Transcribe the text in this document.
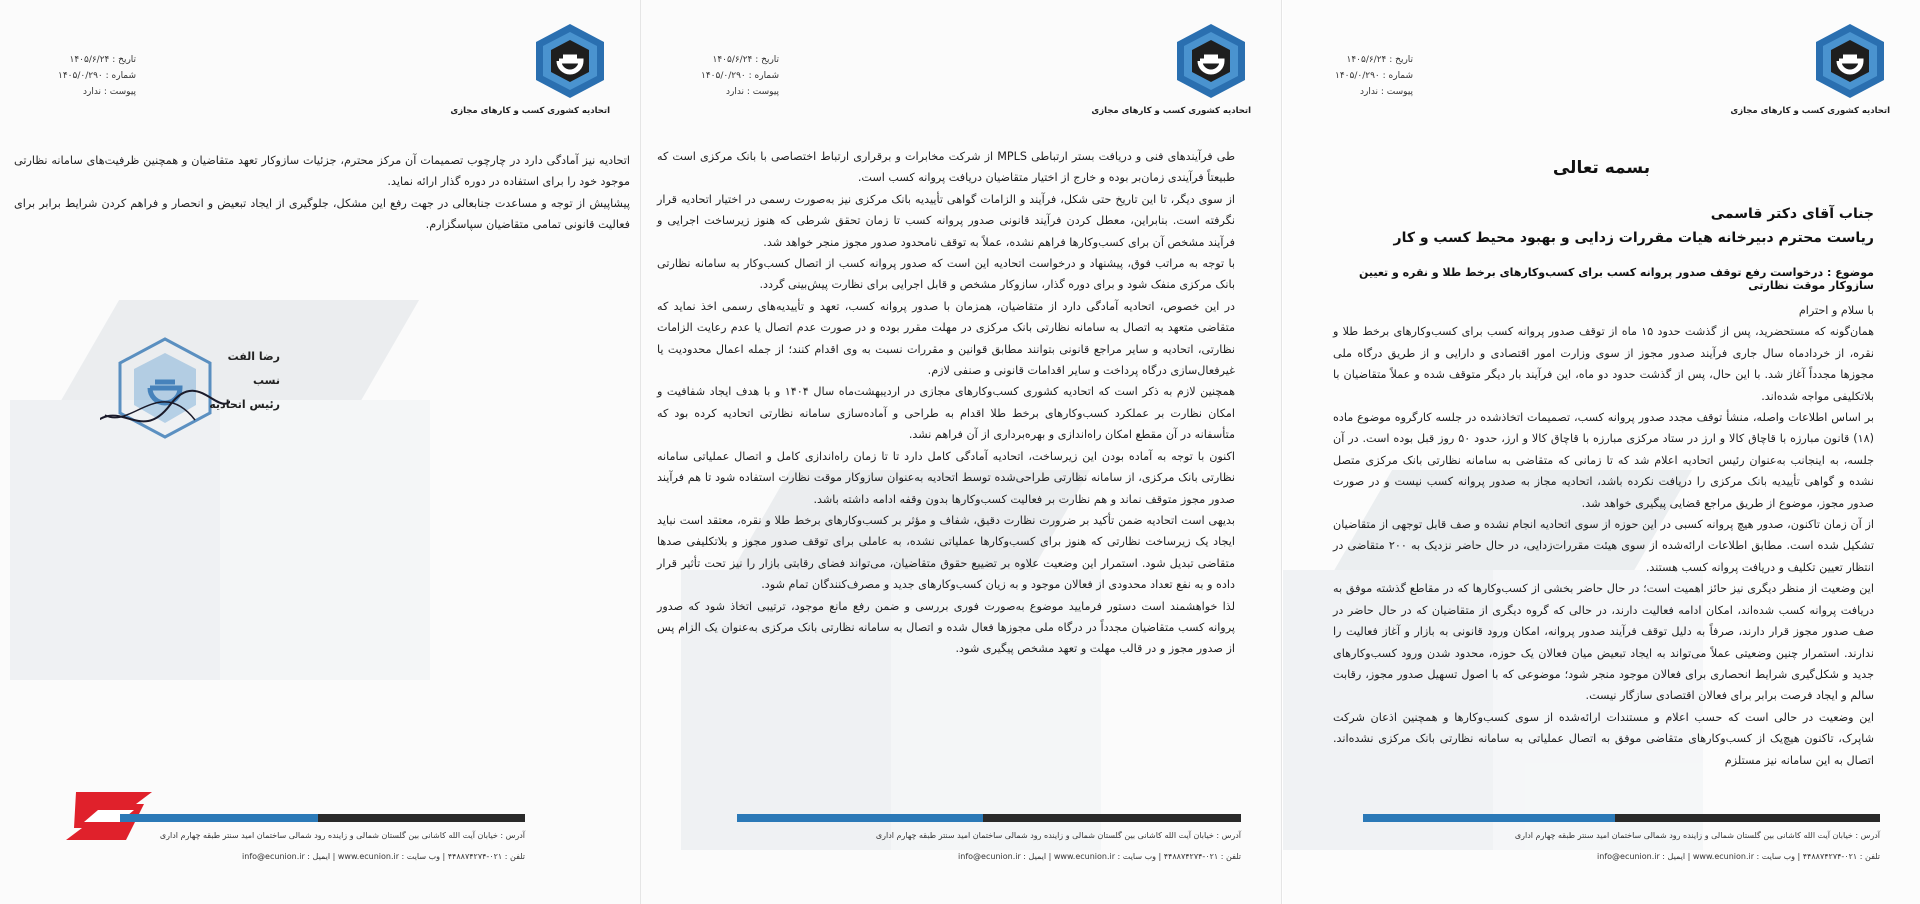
اتحادیه کشوری کسب و کارهای مجازی
تاریخ : ۱۴۰۵/۶/۲۴
شماره : ۱۴۰۵/۰/۲۹۰
پیوست : ندارد
بسمه تعالی
جناب آقای دکتر قاسمی
ریاست محترم دبیرخانه هیات مقررات زدایی و بهبود محیط کسب و کار
موضوع : درخواست رفع توقف صدور پروانه کسب برای کسب‌وکارهای برخط طلا و نقره و تعیین سازوکار موقت نظارتی

با سلام و احترام

همان‌گونه که مستحضرید، پس از گذشت حدود ۱۵ ماه از توقف صدور پروانه کسب برای کسب‌وکارهای برخط طلا و نقره، از خردادماه سال جاری فرآیند صدور مجوز از سوی وزارت امور اقتصادی و دارایی و از طریق درگاه ملی مجوزها مجدداً آغاز شد. با این حال، پس از گذشت حدود دو ماه، این فرآیند بار دیگر متوقف شده و عملاً متقاضیان با بلاتکلیفی مواجه شده‌اند.

بر اساس اطلاعات واصله، منشأ توقف مجدد صدور پروانه کسب، تصمیمات اتخاذشده در جلسه کارگروه موضوع ماده (۱۸) قانون مبارزه با قاچاق کالا و ارز در ستاد مرکزی مبارزه با قاچاق کالا و ارز، حدود ۵۰ روز قبل بوده است. در آن جلسه، به اینجانب به‌عنوان رئیس اتحادیه اعلام شد که تا زمانی که متقاضی به سامانه نظارتی بانک مرکزی متصل نشده و گواهی تأییدیه بانک مرکزی را دریافت نکرده باشد، اتحادیه مجاز به صدور پروانه کسب نیست و در صورت صدور مجوز، موضوع از طریق مراجع قضایی پیگیری خواهد شد.

از آن زمان تاکنون، صدور هیچ پروانه کسبی در این حوزه از سوی اتحادیه انجام نشده و صف قابل توجهی از متقاضیان تشکیل شده است. مطابق اطلاعات ارائه‌شده از سوی هیئت مقررات‌زدایی، در حال حاضر نزدیک به ۲۰۰ متقاضی در انتظار تعیین تکلیف و دریافت پروانه کسب هستند.

این وضعیت از منظر دیگری نیز حائز اهمیت است؛ در حال حاضر بخشی از کسب‌وکارها که در مقاطع گذشته موفق به دریافت پروانه کسب شده‌اند، امکان ادامه فعالیت دارند، در حالی که گروه دیگری از متقاضیان که در حال حاضر در صف صدور مجوز قرار دارند، صرفاً به دلیل توقف فرآیند صدور پروانه، امکان ورود قانونی به بازار و آغاز فعالیت را ندارند. استمرار چنین وضعیتی عملاً می‌تواند به ایجاد تبعیض میان فعالان یک حوزه، محدود شدن ورود کسب‌وکارهای جدید و شکل‌گیری شرایط انحصاری برای فعالان موجود منجر شود؛ موضوعی که با اصول تسهیل صدور مجوز، رقابت سالم و ایجاد فرصت برابر برای فعالان اقتصادی سازگار نیست.

این وضعیت در حالی است که حسب اعلام و مستندات ارائه‌شده از سوی کسب‌وکارها و همچنین اذعان شرکت شاپرک، تاکنون هیچ‌یک از کسب‌وکارهای متقاضی موفق به اتصال عملیاتی به سامانه نظارتی بانک مرکزی نشده‌اند. اتصال به این سامانه نیز مستلزم

آدرس : خیابان آیت الله کاشانی بین گلستان شمالی و زاینده رود شمالی ساختمان امید سنتر طبقه چهارم اداری
تلفن : ۰۲۱-۴۴۸۸۷۴۲۷۴ | وب سایت : www.ecunion.ir | ایمیل : info@ecunion.ir
اتحادیه کشوری کسب و کارهای مجازی
تاریخ : ۱۴۰۵/۶/۲۴
شماره : ۱۴۰۵/۰/۲۹۰
پیوست : ندارد

طی فرآیندهای فنی و دریافت بستر ارتباطی MPLS از شرکت مخابرات و برقراری ارتباط اختصاصی با بانک مرکزی است که طبیعتاً فرآیندی زمان‌بر بوده و خارج از اختیار متقاضیان دریافت پروانه کسب است.

از سوی دیگر، تا این تاریخ حتی شکل، فرآیند و الزامات گواهی تأییدیه بانک مرکزی نیز به‌صورت رسمی در اختیار اتحادیه قرار نگرفته است. بنابراین، معطل کردن فرآیند قانونی صدور پروانه کسب تا زمان تحقق شرطی که هنوز زیرساخت اجرایی و فرآیند مشخص آن برای کسب‌وکارها فراهم نشده، عملاً به توقف نامحدود صدور مجوز منجر خواهد شد.

با توجه به مراتب فوق، پیشنهاد و درخواست اتحادیه این است که صدور پروانه کسب از اتصال کسب‌وکار به سامانه نظارتی بانک مرکزی منفک شود و برای دوره گذار، سازوکار مشخص و قابل اجرایی برای نظارت پیش‌بینی گردد.

در این خصوص، اتحادیه آمادگی دارد از متقاضیان، همزمان با صدور پروانه کسب، تعهد و تأییدیه‌های رسمی اخذ نماید که متقاضی متعهد به اتصال به سامانه نظارتی بانک مرکزی در مهلت مقرر بوده و در صورت عدم اتصال یا عدم رعایت الزامات نظارتی، اتحادیه و سایر مراجع قانونی بتوانند مطابق قوانین و مقررات نسبت به وی اقدام کنند؛ از جمله اعمال محدودیت یا غیرفعال‌سازی درگاه پرداخت و سایر اقدامات قانونی و صنفی لازم.

همچنین لازم به ذکر است که اتحادیه کشوری کسب‌وکارهای مجازی در اردیبهشت‌ماه سال ۱۴۰۴ و با هدف ایجاد شفافیت و امکان نظارت بر عملکرد کسب‌وکارهای برخط طلا اقدام به طراحی و آماده‌سازی سامانه نظارتی اتحادیه کرده بود که متأسفانه در آن مقطع امکان راه‌اندازی و بهره‌برداری از آن فراهم نشد.

اکنون با توجه به آماده بودن این زیرساخت، اتحادیه آمادگی کامل دارد تا تا زمان راه‌اندازی کامل و اتصال عملیاتی سامانه نظارتی بانک مرکزی، از سامانه نظارتی طراحی‌شده توسط اتحادیه به‌عنوان سازوکار موقت نظارت استفاده شود تا هم فرآیند صدور مجوز متوقف نماند و هم نظارت بر فعالیت کسب‌وکارها بدون وقفه ادامه داشته باشد.

بدیهی است اتحادیه ضمن تأکید بر ضرورت نظارت دقیق، شفاف و مؤثر بر کسب‌وکارهای برخط طلا و نقره، معتقد است نباید ایجاد یک زیرساخت نظارتی که هنوز برای کسب‌وکارها عملیاتی نشده، به عاملی برای توقف صدور مجوز و بلاتکلیفی صدها متقاضی تبدیل شود. استمرار این وضعیت علاوه بر تضییع حقوق متقاضیان، می‌تواند فضای رقابتی بازار را نیز تحت تأثیر قرار داده و به نفع تعداد محدودی از فعالان موجود و به زیان کسب‌وکارهای جدید و مصرف‌کنندگان تمام شود.

لذا خواهشمند است دستور فرمایید موضوع به‌صورت فوری بررسی و ضمن رفع مانع موجود، ترتیبی اتخاذ شود که صدور پروانه کسب متقاضیان مجدداً در درگاه ملی مجوزها فعال شده و اتصال به سامانه نظارتی بانک مرکزی به‌عنوان یک الزام پس از صدور مجوز و در قالب مهلت و تعهد مشخص پیگیری شود.

آدرس : خیابان آیت الله کاشانی بین گلستان شمالی و زاینده رود شمالی ساختمان امید سنتر طبقه چهارم اداری
تلفن : ۰۲۱-۴۴۸۸۷۴۲۷۴ | وب سایت : www.ecunion.ir | ایمیل : info@ecunion.ir
اتحادیه کشوری کسب و کارهای مجازی
تاریخ : ۱۴۰۵/۶/۲۴
شماره : ۱۴۰۵/۰/۲۹۰
پیوست : ندارد

اتحادیه نیز آمادگی دارد در چارچوب تصمیمات آن مرکز محترم، جزئیات سازوکار تعهد متقاضیان و همچنین ظرفیت‌های سامانه نظارتی موجود خود را برای استفاده در دوره گذار ارائه نماید.

پیشاپیش از توجه و مساعدت جنابعالی در جهت رفع این مشکل، جلوگیری از ایجاد تبعیض و انحصار و فراهم کردن شرایط برابر برای فعالیت قانونی تمامی متقاضیان سپاسگزارم.

رضا الفت نسب
رئیس اتحادیه
آدرس : خیابان آیت الله کاشانی بین گلستان شمالی و زاینده رود شمالی ساختمان امید سنتر طبقه چهارم اداری
تلفن : ۰۲۱-۴۴۸۸۷۴۲۷۴ | وب سایت : www.ecunion.ir | ایمیل : info@ecunion.ir
